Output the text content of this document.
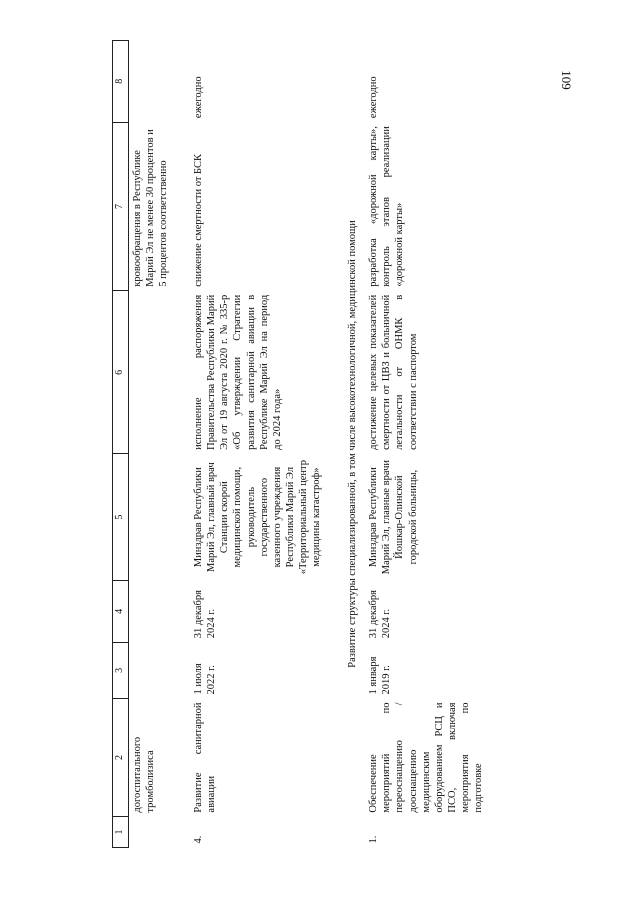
109
1	2	3	4	5	6	7	8
	догоспитального тромболизиса					кровообращения в Республике Марий Эл не менее 30 процентов и 5 процентов соответственно	
4.	Развитие санитарной авиации	1 июля 2022 г.	31 декабря 2024 г.	Минздрав Республики Марий Эл, главный врач Станции скорой медицинской помощи, руководитель государственного казенного учреждения Республики Марий Эл «Территориальный центр медицины катастроф»	исполнение распоряжения Правительства Республики Марий Эл от 19 августа 2020 г. № 335-р «Об утверждении Стратегии развития санитарной авиации в Республике Марий Эл на период до 2024 года»	снижение смертности от БСК	ежегодно
Развитие структуры специализированной, в том числе высокотехнологичной, медицинской помощи							
1.	Обеспечение мероприятий по переоснащению / дооснащению медицинским оборудованием РСЦ и ПСО, включая мероприятия по подготовке	1 января 2019 г.	31 декабря 2024 г.	Минздрав Республики Марий Эл, главные врачи Йошкар-Олинской городской больницы,	достижение целевых показателей смертности от ЦВЗ и больничной летальности от ОНМК в соответствии с паспортом	разработка «дорожной карты», контроль этапов реализации «дорожной карты»	ежегодно
